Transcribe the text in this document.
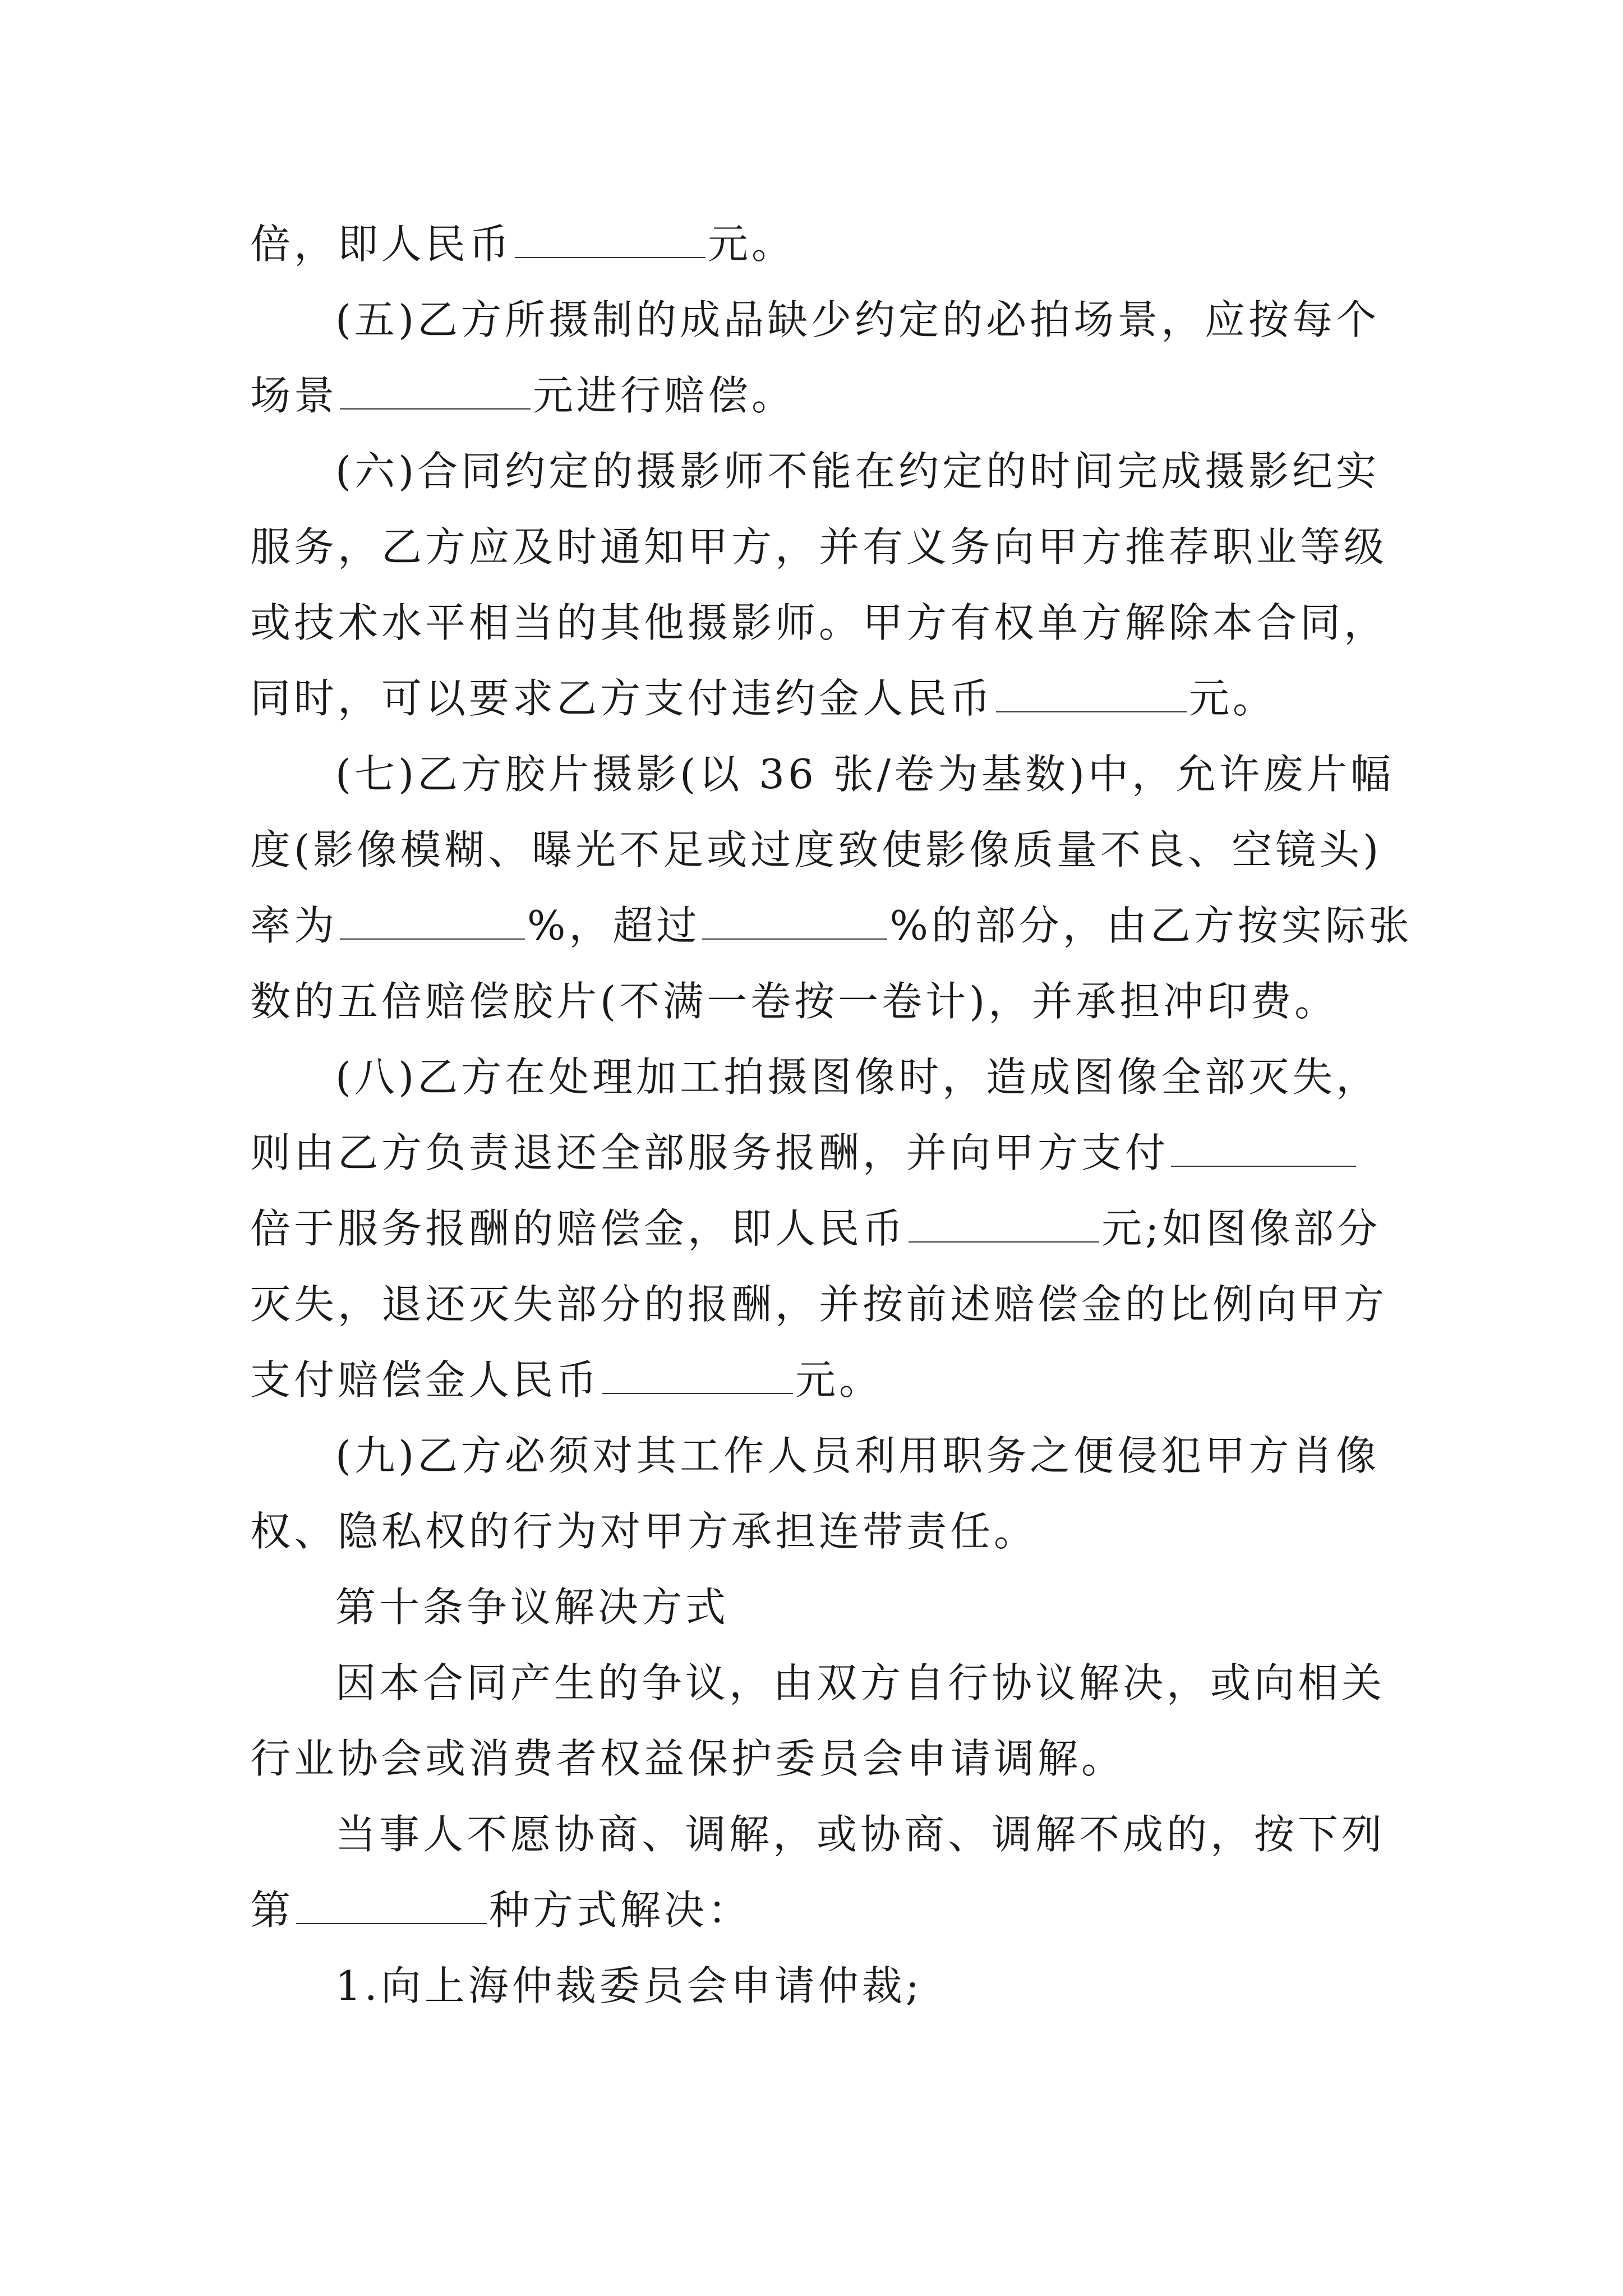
倍，即人民币	元。
(五)乙方所摄制的成品缺少约定的必拍场景，应按每个
场景	元进行赔偿。
(六)合同约定的摄影师不能在约定的时间完成摄影纪实
服务，乙方应及时通知甲方，并有义务向甲方推荐职业等级
或技术水平相当的其他摄影师。甲方有权单方解除本合同，
同时，可以要求乙方支付违约金人民币	元。
(七)乙方胶片摄影(以 36 张/卷为基数)中，允许废片幅
度(影像模糊、曝光不足或过度致使影像质量不良、空镜头)
率为	%，超过	%的部分，由乙方按实际张
数的五倍赔偿胶片(不满一卷按一卷计)，并承担冲印费。
(八)乙方在处理加工拍摄图像时，造成图像全部灭失，
则由乙方负责退还全部服务报酬，并向甲方支付
倍于服务报酬的赔偿金，即人民币	元;如图像部分
灭失，退还灭失部分的报酬，并按前述赔偿金的比例向甲方
支付赔偿金人民币	元。
(九)乙方必须对其工作人员利用职务之便侵犯甲方肖像
权、隐私权的行为对甲方承担连带责任。
第十条争议解决方式
因本合同产生的争议，由双方自行协议解决，或向相关
行业协会或消费者权益保护委员会申请调解。
当事人不愿协商、调解，或协商、调解不成的，按下列
第	种方式解决：
1.向上海仲裁委员会申请仲裁;
